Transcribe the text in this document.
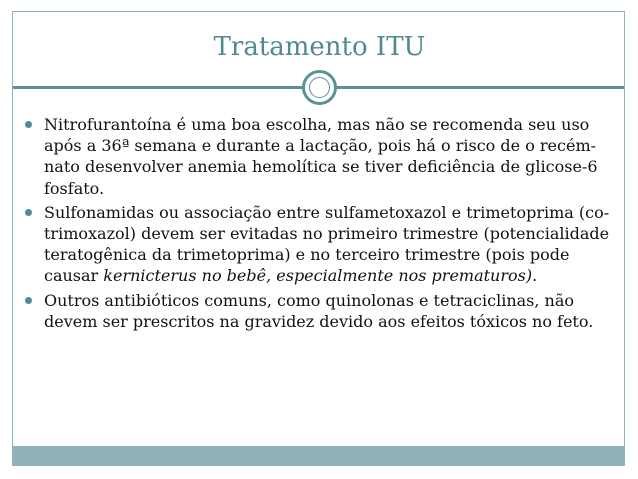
Tratamento ITU
Nitrofurantoína é uma boa escolha, mas não se recomenda seu uso após a 36ª semana e durante a lactação, pois há o risco de o recém-nato desenvolver anemia hemolítica se tiver deficiência de glicose-6 fosfato.
Sulfonamidas ou associação entre sulfametoxazol e trimetoprima (co-trimoxazol) devem ser evitadas no primeiro trimestre (potencialidade teratogênica da trimetoprima) e no terceiro trimestre (pois pode causar kernicterus no bebê, especialmente nos prematuros).
Outros antibióticos comuns, como quinolonas e tetraciclinas, não devem ser prescritos na gravidez devido aos efeitos tóxicos no feto.
